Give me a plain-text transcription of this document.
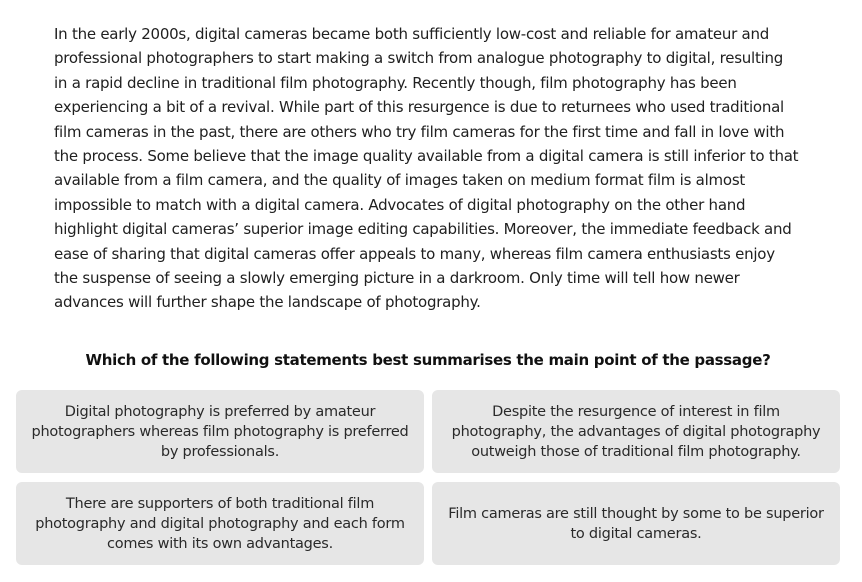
In the early 2000s, digital cameras became both sufficiently low-cost and reliable for amateur and professional photographers to start making a switch from analogue photography to digital, resulting in a rapid decline in traditional film photography. Recently though, film photography has been experiencing a bit of a revival. While part of this resurgence is due to returnees who used traditional film cameras in the past, there are others who try film cameras for the first time and fall in love with the process. Some believe that the image quality available from a digital camera is still inferior to that available from a film camera, and the quality of images taken on medium format film is almost impossible to match with a digital camera. Advocates of digital photography on the other hand highlight digital cameras’ superior image editing capabilities. Moreover, the immediate feedback and ease of sharing that digital cameras offer appeals to many, whereas film camera enthusiasts enjoy the suspense of seeing a slowly emerging picture in a darkroom. Only time will tell how newer advances will further shape the landscape of photography.

Which of the following statements best summarises the main point of the passage?

Digital photography is preferred by amateur photographers whereas film photography is preferred by professionals.
Despite the resurgence of interest in film photography, the advantages of digital photography outweigh those of traditional film photography.
There are supporters of both traditional film photography and digital photography and each form comes with its own advantages.
Film cameras are still thought by some to be superior to digital cameras.
